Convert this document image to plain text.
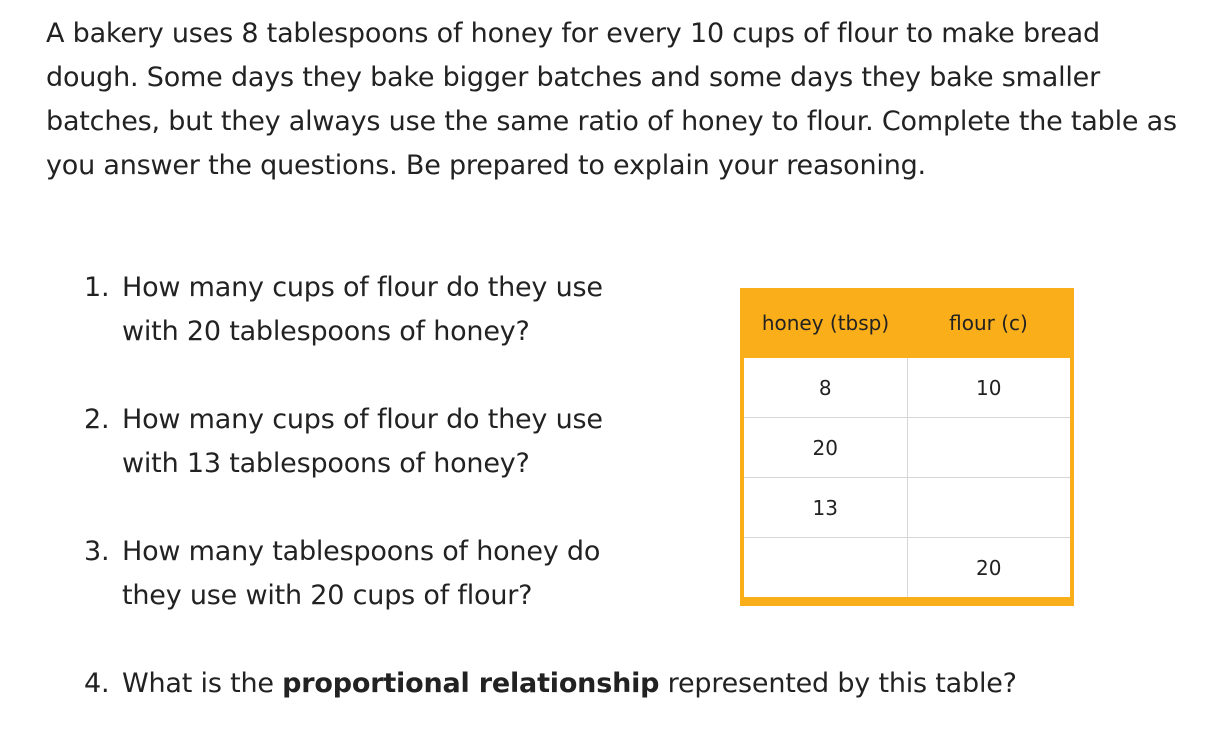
A bakery uses 8 tablespoons of honey for every 10 cups of flour to make bread dough. Some days they bake bigger batches and some days they bake smaller batches, but they always use the same ratio of honey to flour. Complete the table as you answer the questions. Be prepared to explain your reasoning.

1. How many cups of flour do they use
with 20 tablespoons of honey?
2. How many cups of flour do they use
with 13 tablespoons of honey?
3. How many tablespoons of honey do
they use with 20 cups of flour?
4. What is the proportional relationship represented by this table?
honey (tbsp)	flour (c)
8	10
20	
13	
	20
